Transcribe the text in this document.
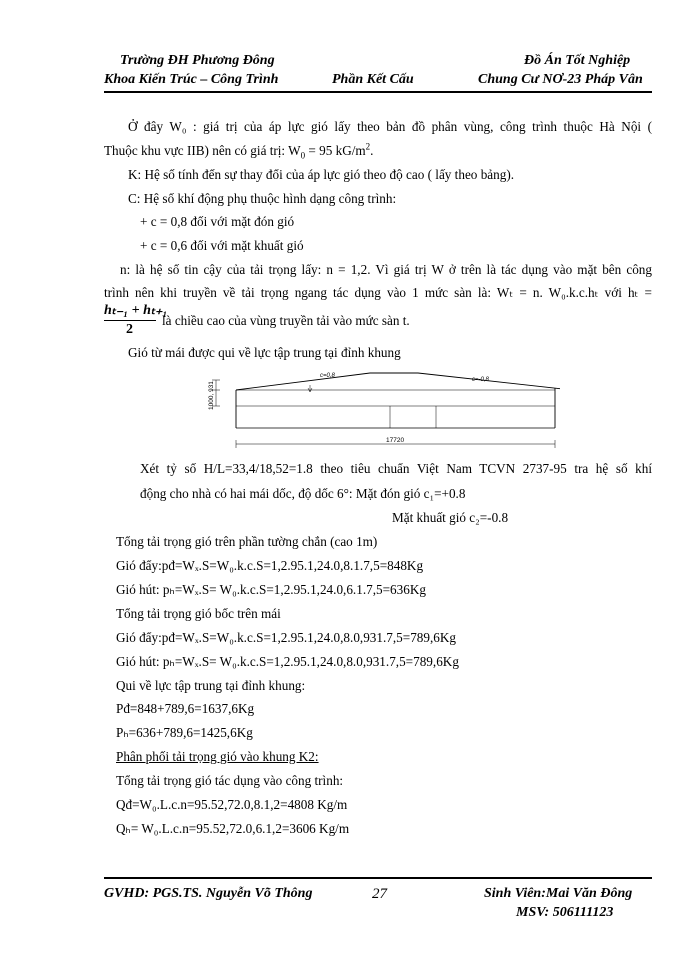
Trường ĐH Phương Đông
Khoa Kiến Trúc – Công Trình	Phần Kết Cấu
Đồ Án Tốt Nghiệp
Chung Cư NƠ-23 Pháp Vân
Ở đây W₀ : giá trị của áp lực gió lấy theo bản đồ phân vùng, công trình thuộc Hà Nội (
Thuộc khu vực IIB) nên có giá trị: $W_0 = 95$ $kG/m^2$.
K: Hệ số tính đến sự thay đổi của áp lực gió theo độ cao ( lấy theo bảng).
C: Hệ số khí động phụ thuộc hình dạng công trình:
+ c = 0,8 đối với mặt đón gió
+ c = 0,6 đối với mặt khuất gió
n: là hệ số tin cậy của tải trọng lấy: n = 1,2. Vì giá trị W ở trên là tác dụng vào mặt bên công
trình nên khi truyền về tải trọng ngang tác dụng vào 1 mức sàn là: Wₜ = n. W₀.k.c.hₜ với hₜ =
hₜ₋₁ + hₜ₊₁
2
là chiều cao của vùng truyền tải vào mức sàn t.
Gió từ mái được qui về lực tập trung tại đỉnh khung
1000, 931
c=0,8
c=-0,8
17720
Xét tỷ số H/L=33,4/18,52=1.8 theo tiêu chuẩn Việt Nam TCVN 2737-95 tra hệ số khí
động cho nhà có hai mái dốc, độ dốc 6°: Mặt đón gió c₁=+0.8
Mặt khuất gió c₂=-0.8
Tổng tải trọng gió trên phần tường chắn (cao 1m)
Gió đẩy:pđ=Wₓ.S=W₀.k.c.S=1,2.95.1,24.0,8.1.7,5=848Kg
Gió hút: pₕ=Wₓ.S= W₀.k.c.S=1,2.95.1,24.0,6.1.7,5=636Kg
Tổng tải trọng gió bốc trên mái
Gió đẩy:pđ=Wₓ.S=W₀.k.c.S=1,2.95.1,24.0,8.0,931.7,5=789,6Kg
Gió hút: pₕ=Wₓ.S= W₀.k.c.S=1,2.95.1,24.0,8.0,931.7,5=789,6Kg
Qui về lực tập trung tại đỉnh khung:
Pđ=848+789,6=1637,6Kg
Pₕ=636+789,6=1425,6Kg
Phân phối tải trọng gió vào khung K2:
Tổng tải trọng gió tác dụng vào công trình:
Qđ=W₀.L.c.n=95.52,72.0,8.1,2=4808 Kg/m
Qₕ= W₀.L.c.n=95.52,72.0,6.1,2=3606 Kg/m
GVHD: PGS.TS. Nguyễn Võ Thông	27	Sinh Viên:Mai Văn Đông
MSV: 506111123
